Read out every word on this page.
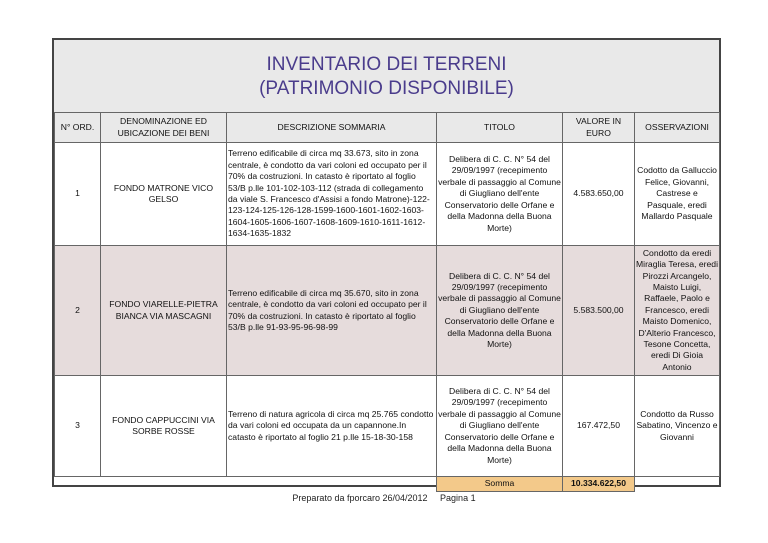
INVENTARIO DEI TERRENI
(PATRIMONIO DISPONIBILE)
N° ORD.	DENOMINAZIONE ED UBICAZIONE DEI BENI	DESCRIZIONE SOMMARIA	TITOLO	VALORE IN EURO	OSSERVAZIONI
1	FONDO MATRONE VICO GELSO	Terreno edificabile di circa mq 33.673, sito in zona centrale, è condotto da vari coloni ed occupato per il 70% da costruzioni. In catasto è riportato al foglio 53/B p.lle 101-102-103-112 (strada di collegamento da viale S. Francesco d'Assisi a fondo Matrone)-122-123-124-125-126-128-1599-1600-1601-1602-1603-1604-1605-1606-1607-1608-1609-1610-1611-1612-1634-1635-1832	Delibera di C. C. N° 54 del 29/09/1997 (recepimento verbale di passaggio al Comune di Giugliano dell'ente Conservatorio delle Orfane e della Madonna della Buona Morte)	4.583.650,00	Codotto da Galluccio Felice, Giovanni, Castrese e Pasquale, eredi Mallardo Pasquale
2	FONDO VIARELLE-PIETRA BIANCA VIA MASCAGNI	Terreno edificabile di circa mq 35.670, sito in zona centrale, è condotto da vari coloni ed occupato per il 70% da costruzioni. In catasto è riportato al foglio 53/B p.lle 91-93-95-96-98-99	Delibera di C. C. N° 54 del 29/09/1997 (recepimento verbale di passaggio al Comune di Giugliano dell'ente Conservatorio delle Orfane e della Madonna della Buona Morte)	5.583.500,00	Condotto da eredi Miraglia Teresa, eredi Pirozzi Arcangelo, Maisto Luigi, Raffaele, Paolo e Francesco, eredi Maisto Domenico, D'Alterio Francesco, Tesone Concetta, eredi Di Gioia Antonio
3	FONDO CAPPUCCINI VIA SORBE ROSSE	Terreno di natura agricola di circa mq 25.765 condotto da vari coloni ed occupata da un capannone.In catasto è riportato al foglio 21 p.lle 15-18-30-158	Delibera di C. C. N° 54 del 29/09/1997 (recepimento verbale di passaggio al Comune di Giugliano dell'ente Conservatorio delle Orfane e della Madonna della Buona Morte)	167.472,50	Condotto da Russo Sabatino, Vincenzo e Giovanni
			Somma	10.334.622,50	
Preparato da fporcaro 26/04/2012 Pagina 1
